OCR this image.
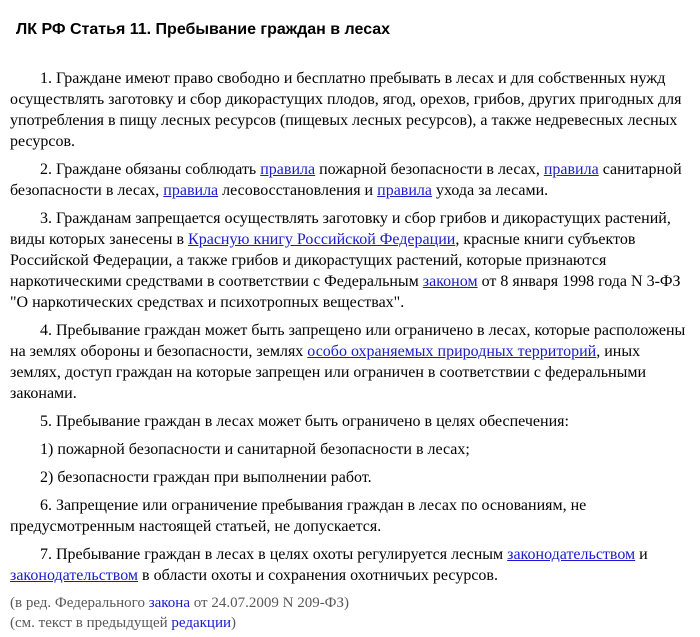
ЛК РФ Статья 11. Пребывание граждан в лесах

1. Граждане имеют право свободно и бесплатно пребывать в лесах и для собственных нужд осуществлять заготовку и сбор дикорастущих плодов, ягод, орехов, грибов, других пригодных для употребления в пищу лесных ресурсов (пищевых лесных ресурсов), а также недревесных лесных ресурсов.

2. Граждане обязаны соблюдать правила пожарной безопасности в лесах, правила санитарной безопасности в лесах, правила лесовосстановления и правила ухода за лесами.

3. Гражданам запрещается осуществлять заготовку и сбор грибов и дикорастущих растений, виды которых занесены в Красную книгу Российской Федерации, красные книги субъектов Российской Федерации, а также грибов и дикорастущих растений, которые признаются наркотическими средствами в соответствии с Федеральным законом от 8 января 1998 года N 3-ФЗ "О наркотических средствах и психотропных веществах".

4. Пребывание граждан может быть запрещено или ограничено в лесах, которые расположены на землях обороны и безопасности, землях особо охраняемых природных территорий, иных землях, доступ граждан на которые запрещен или ограничен в соответствии с федеральными законами.

5. Пребывание граждан в лесах может быть ограничено в целях обеспечения:

1) пожарной безопасности и санитарной безопасности в лесах;

2) безопасности граждан при выполнении работ.

6. Запрещение или ограничение пребывания граждан в лесах по основаниям, не предусмотренным настоящей статьей, не допускается.

7. Пребывание граждан в лесах в целях охоты регулируется лесным законодательством и законодательством в области охоты и сохранения охотничьих ресурсов.

(в ред. Федерального закона от 24.07.2009 N 209-ФЗ)
(см. текст в предыдущей редакции)
